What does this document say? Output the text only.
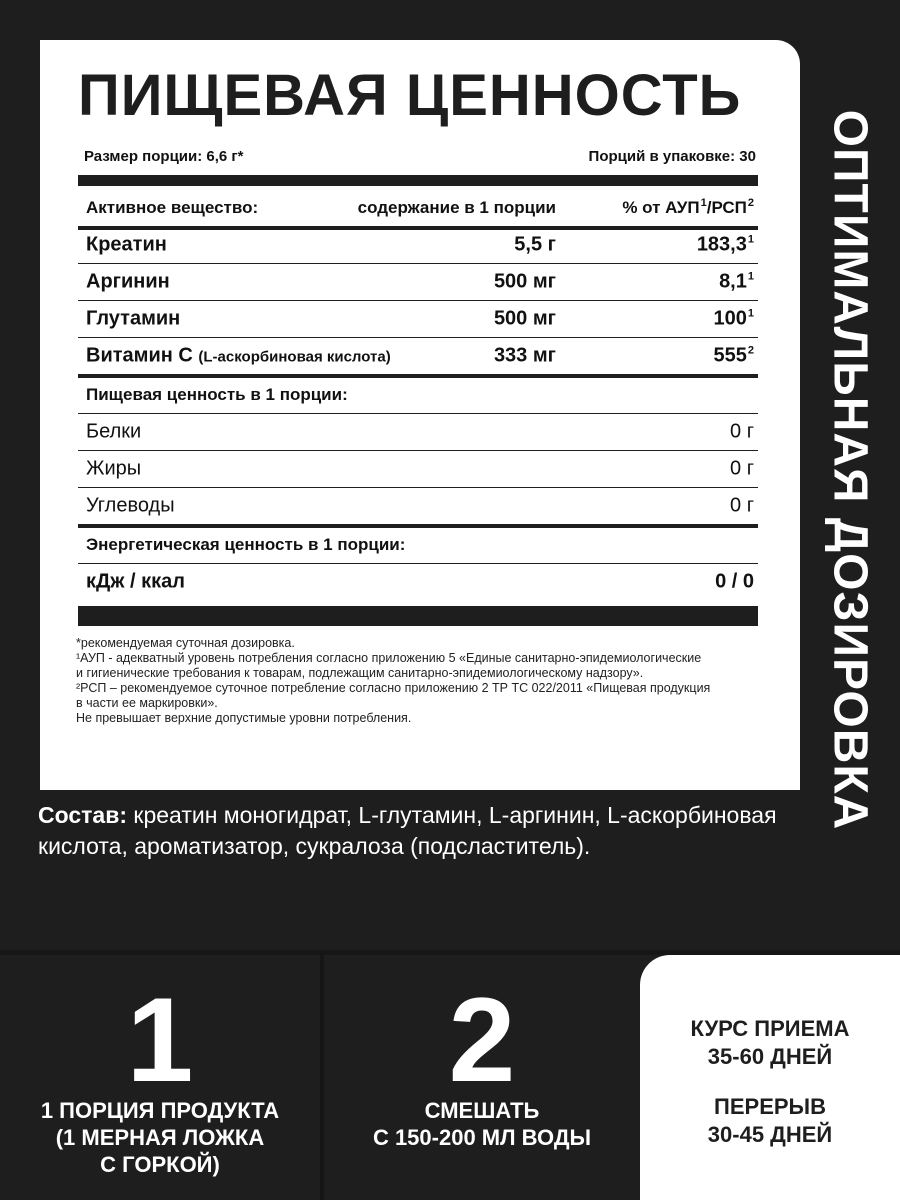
ПИЩЕВАЯ ЦЕННОСТЬ
Размер порции: 6,6 г*	Порций в упаковке: 30
Активное вещество:	содержание в 1 порции	% от АУП$^1$/РСП$^2$
Креатин	5,5 г	183,3$^1$
Аргинин	500 мг	$8,1^1$
Глутамин	500 мг	$100^1$
Витамин С (L-аскорбиновая кислота)	333 мг	$555^2$
Пищевая ценность в 1 порции:
Белки	0 г
Жиры	0 г
Углеводы	0 г
Энергетическая ценность в 1 порции:
кДж / ккал	0 / 0
*рекомендуемая суточная дозировка.
¹АУП - адекватный уровень потребления согласно приложению 5 «Единые санитарно-эпидемиологические
и гигиенические требования к товарам, подлежащим санитарно-эпидемиологическому надзору».
²РСП – рекомендуемое суточное потребление согласно приложению 2 ТР ТС 022/2011 «Пищевая продукция
в части ее маркировки».
Не превышает верхние допустимые уровни потребления.	ОПТИМАЛЬНАЯ ДОЗИРОВКА
Состав: креатин моногидрат, L-глутамин, L-аргинин, L-аскорбиновая кислота, ароматизатор, сукралоза (подсластитель).
1
1 ПОРЦИЯ ПРОДУКТА
(1 МЕРНАЯ ЛОЖКА
С ГОРКОЙ)
2
СМЕШАТЬ
С 150-200 МЛ ВОДЫ
КУРС ПРИЕМА
35-60 ДНЕЙ
ПЕРЕРЫВ
30-45 ДНЕЙ
